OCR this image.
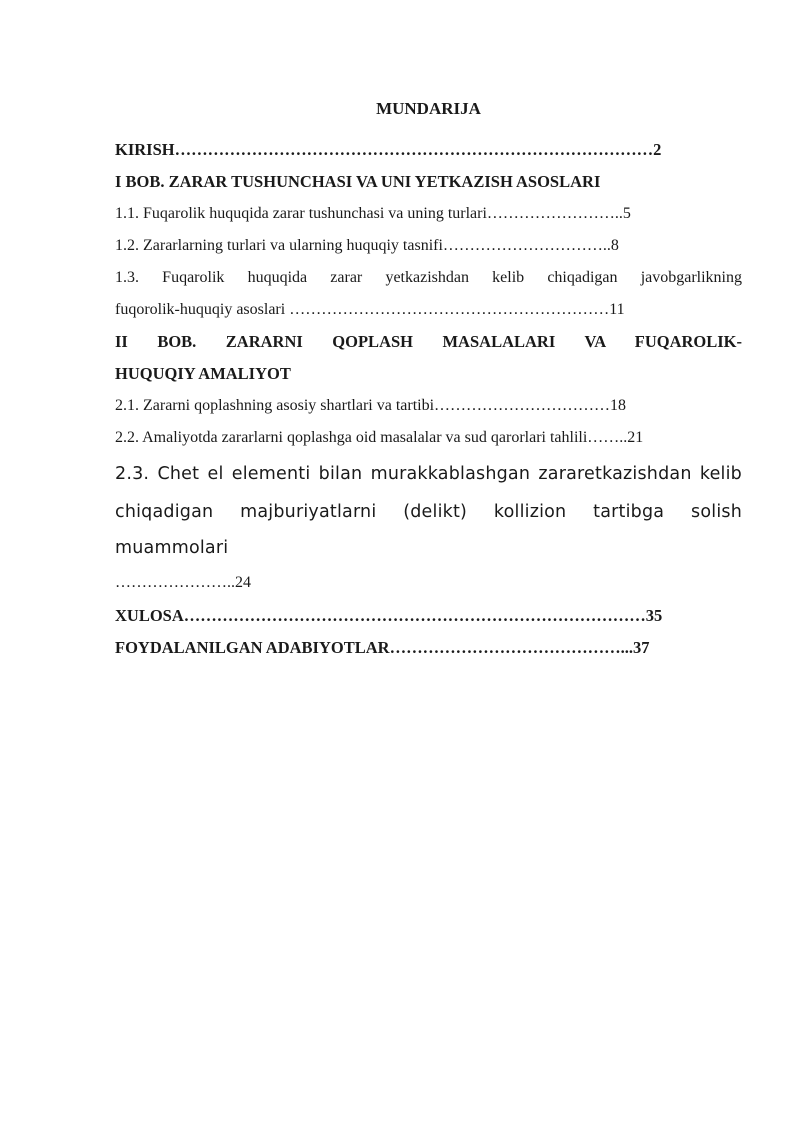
MUNDARIJA
KIRISH……………………………………………………………………………2
I BOB. ZARAR TUSHUNCHASI VA UNI YETKAZISH ASOSLARI
1.1. Fuqarolik huquqida zarar tushunchasi va uning turlari……………………..5
1.2. Zararlarning turlari va ularning huquqiy tasnifi…………………………..8
1.3. Fuqarolik huquqida zarar yetkazishdan kelib chiqadigan javobgarlikning
fuqorolik-huquqiy asoslari ……………………………………………………11
II BOB. ZARARNI QOPLASH MASALALARI VA FUQAROLIK-
HUQUQIY AMALIYOT
2.1. Zararni qoplashning asosiy shartlari va tartibi……………………………18
2.2. Amaliyotda zararlarni qoplashga oid masalalar va sud qarorlari tahlili……..21
2.3. Chet el elementi bilan murakkablashgan zararetkazishdan kelib
chiqadigan majburiyatlarni (delikt) kollizion tartibga solish muammolari
…………………..24
XULOSA…………………………………………………………………………35
FOYDALANILGAN ADABIYOTLAR……………………………………...37
